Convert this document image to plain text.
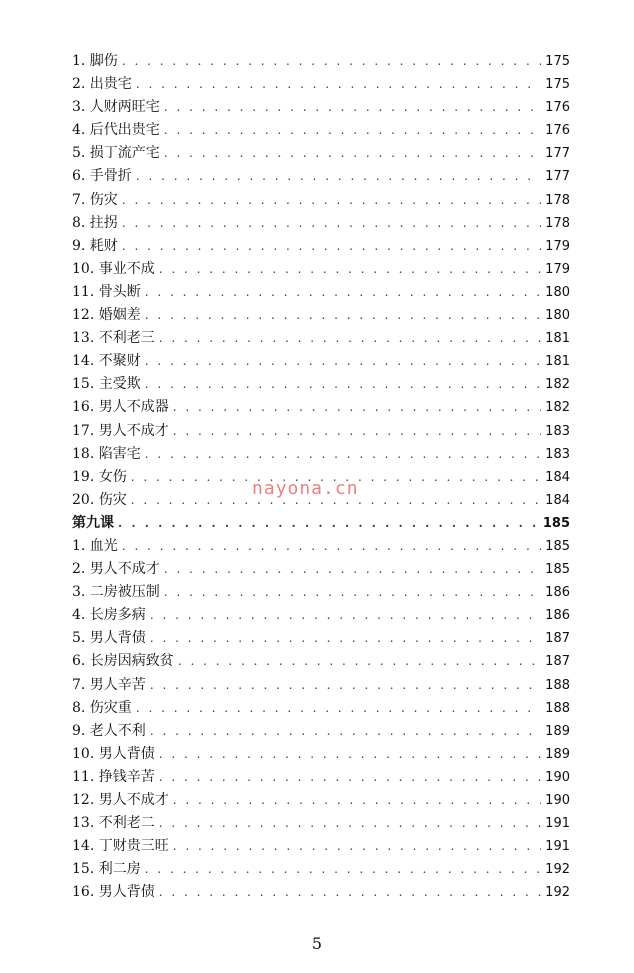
1. 脚伤 . . .	175
2. 出贵宅 . . .	175
3. 人财两旺宅 . . .	176
4. 后代出贵宅 . . .	176
5. 损丁流产宅 . . .	177
6. 手骨折 . . .	177
7. 伤灾 . . .	178
8. 拄拐 . . .	178
9. 耗财 . . .	179
10. 事业不成 . . .	179
11. 骨头断 . . .	180
12. 婚姻差 . . .	180
13. 不利老三 . . .	181
14. 不聚财 . . .	181
15. 主受欺 . . .	182
16. 男人不成器 . . .	182
17. 男人不成才 . . .	183
18. 陷害宅 . . .	183
19. 女伤 . . .	184
20. 伤灾 . . .	184
第九课 . . .	185
1. 血光 . . .	185
2. 男人不成才 . . .	185
3. 二房被压制 . . .	186
4. 长房多病 . . .	186
5. 男人背债 . . .	187
6. 长房因病致贫 . . .	187
7. 男人辛苦 . . .	188
8. 伤灾重 . . .	188
9. 老人不利 . . .	189
10. 男人背债 . . .	189
11. 挣钱辛苦 . . .	190
12. 男人不成才 . . .	190
13. 不利老二 . . .	191
14. 丁财贵三旺 . . .	191
15. 利二房 . . .	192
16. 男人背债 . . .	192
nayona.cn
5
